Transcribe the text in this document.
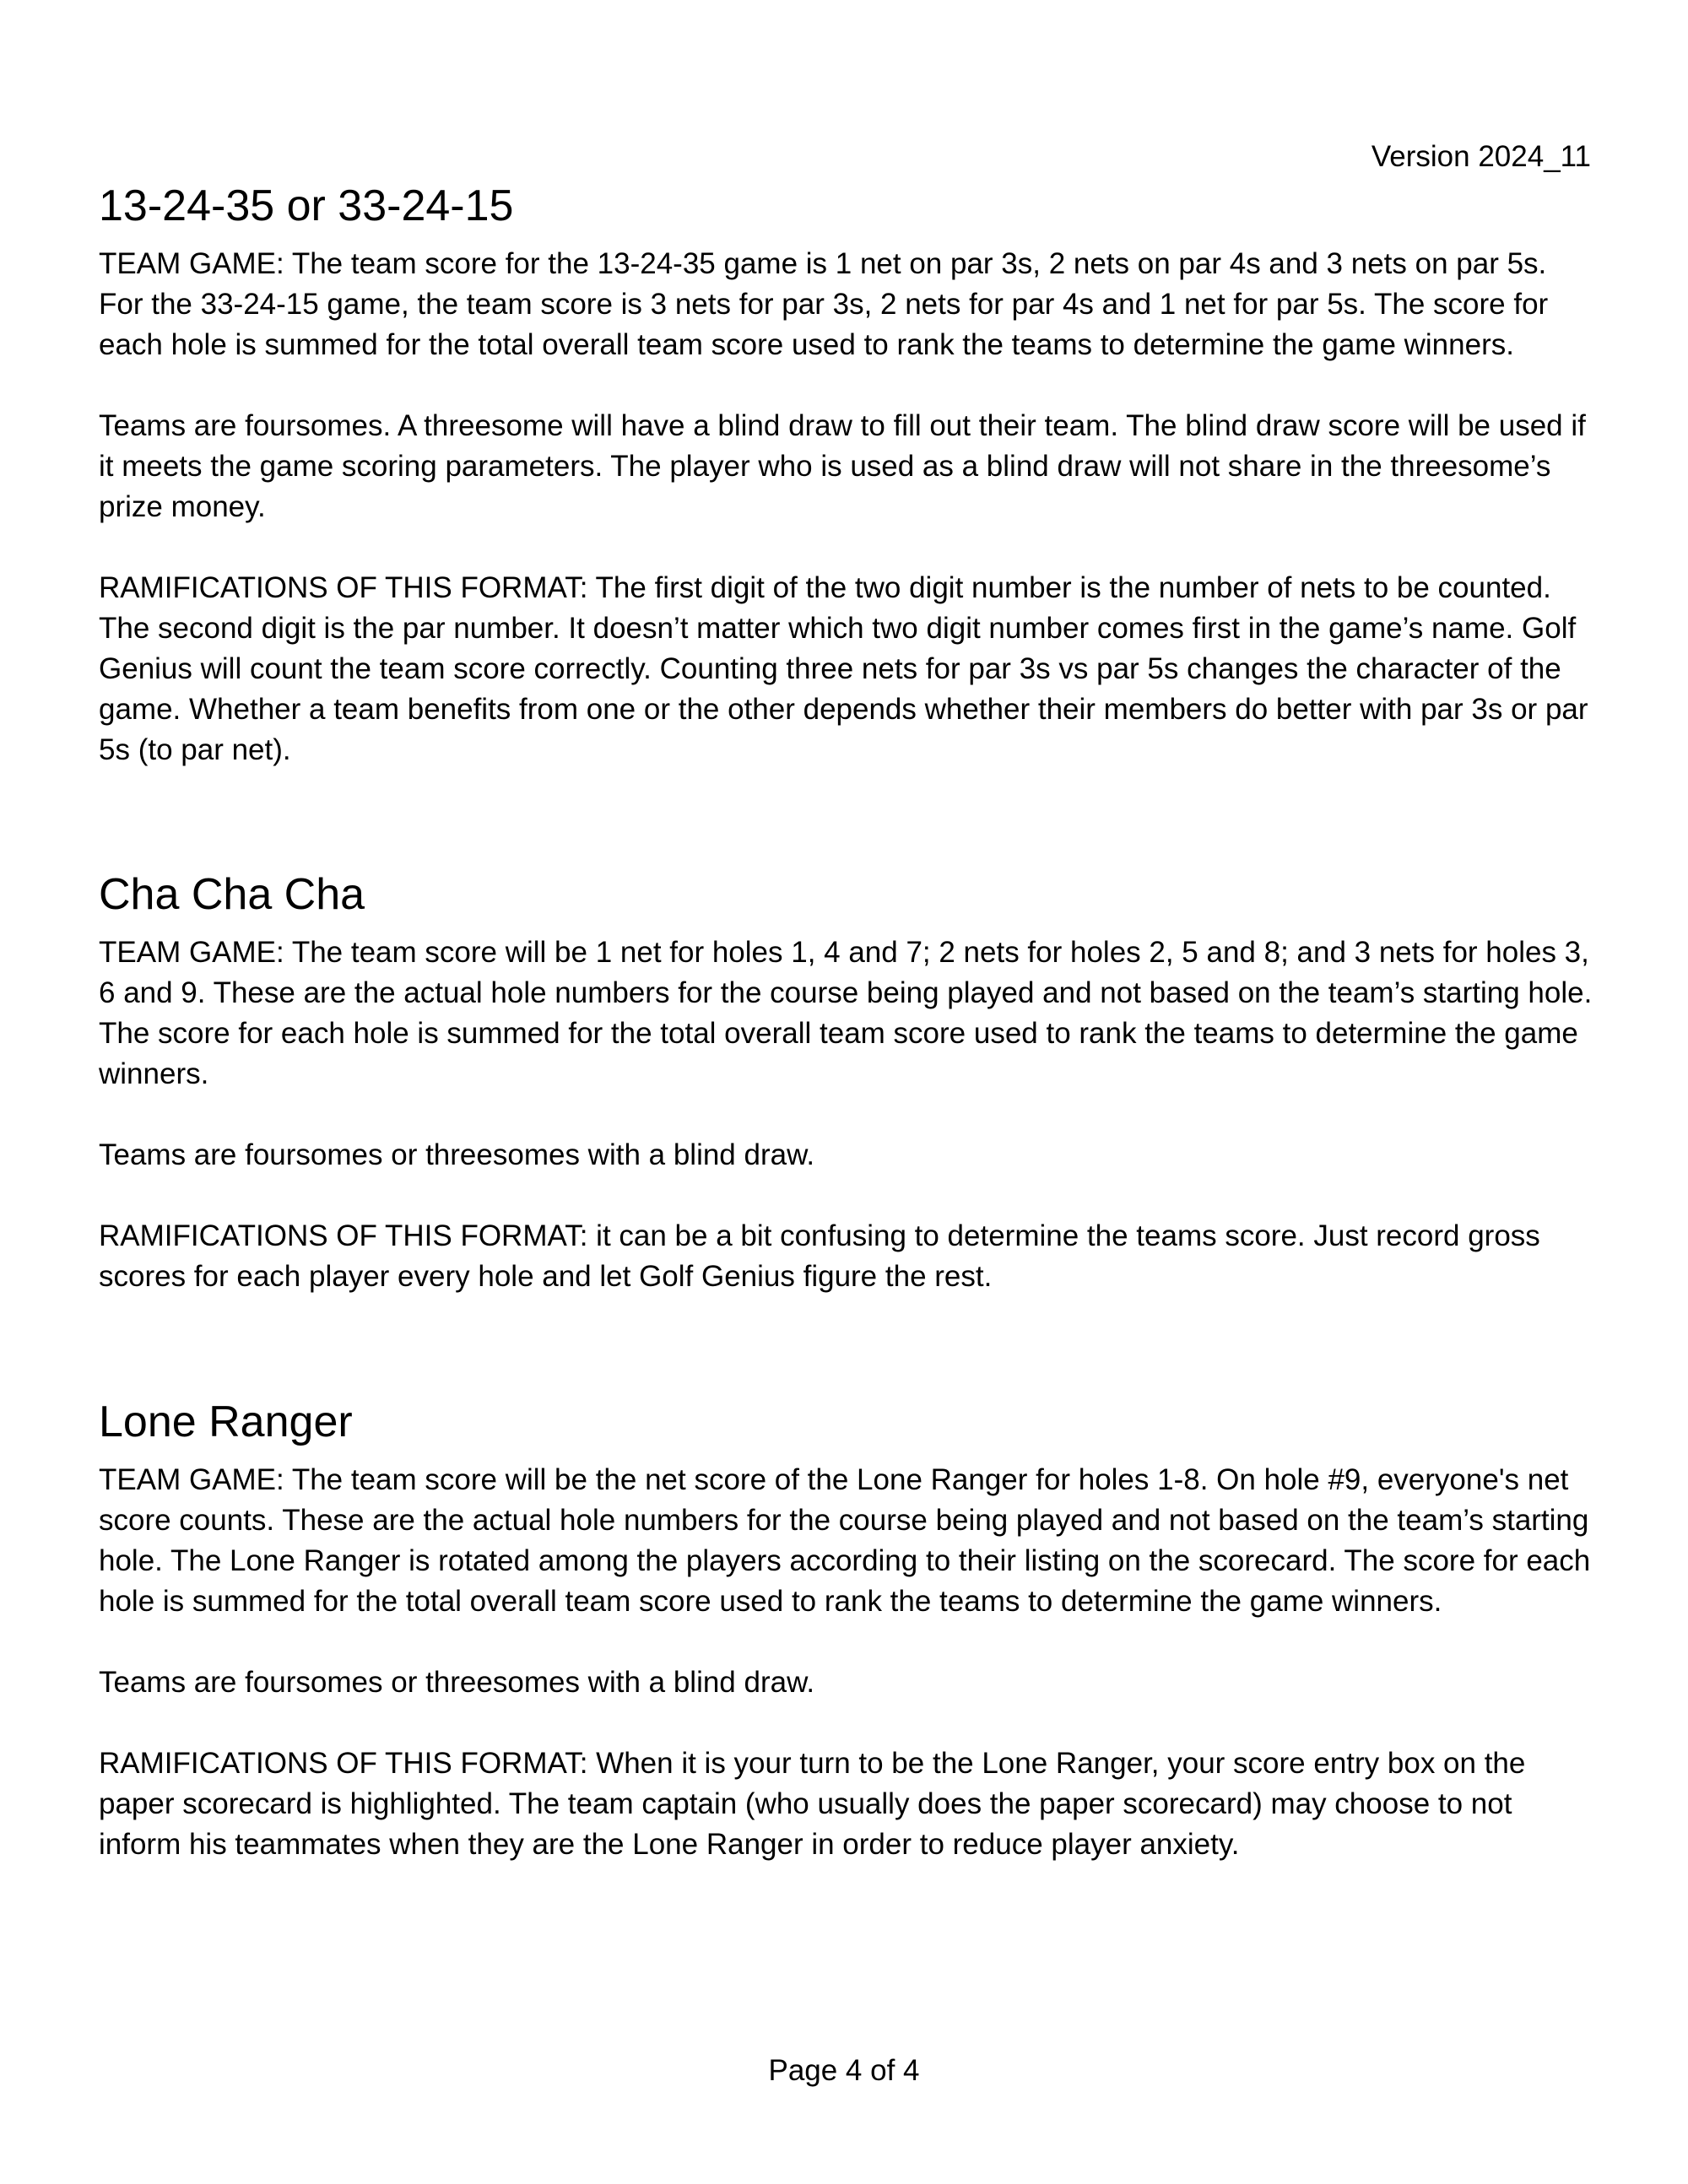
Version 2024_11

13-24-35 or 33-24-15

TEAM GAME: The team score for the 13-24-35 game is 1 net on par 3s, 2 nets on par 4s and 3 nets on par 5s. For the 33-24-15 game, the team score is 3 nets for par 3s, 2 nets for par 4s and 1 net for par 5s. The score for each hole is summed for the total overall team score used to rank the teams to determine the game winners.

Teams are foursomes. A threesome will have a blind draw to fill out their team. The blind draw score will be used if it meets the game scoring parameters. The player who is used as a blind draw will not share in the threesome’s prize money.

RAMIFICATIONS OF THIS FORMAT: The first digit of the two digit number is the number of nets to be counted. The second digit is the par number. It doesn’t matter which two digit number comes first in the game’s name. Golf Genius will count the team score correctly. Counting three nets for par 3s vs par 5s changes the character of the game. Whether a team benefits from one or the other depends whether their members do better with par 3s or par 5s (to par net).

Cha Cha Cha

TEAM GAME: The team score will be 1 net for holes 1, 4 and 7; 2 nets for holes 2, 5 and 8; and 3 nets for holes 3, 6 and 9. These are the actual hole numbers for the course being played and not based on the team’s starting hole. The score for each hole is summed for the total overall team score used to rank the teams to determine the game winners.

Teams are foursomes or threesomes with a blind draw.

RAMIFICATIONS OF THIS FORMAT: it can be a bit confusing to determine the teams score. Just record gross scores for each player every hole and let Golf Genius figure the rest.

Lone Ranger

TEAM GAME: The team score will be the net score of the Lone Ranger for holes 1-8. On hole #9, everyone's net score counts. These are the actual hole numbers for the course being played and not based on the team’s starting hole. The Lone Ranger is rotated among the players according to their listing on the scorecard. The score for each hole is summed for the total overall team score used to rank the teams to determine the game winners.

Teams are foursomes or threesomes with a blind draw.

RAMIFICATIONS OF THIS FORMAT: When it is your turn to be the Lone Ranger, your score entry box on the paper scorecard is highlighted. The team captain (who usually does the paper scorecard) may choose to not inform his teammates when they are the Lone Ranger in order to reduce player anxiety.

Page 4 of 4
